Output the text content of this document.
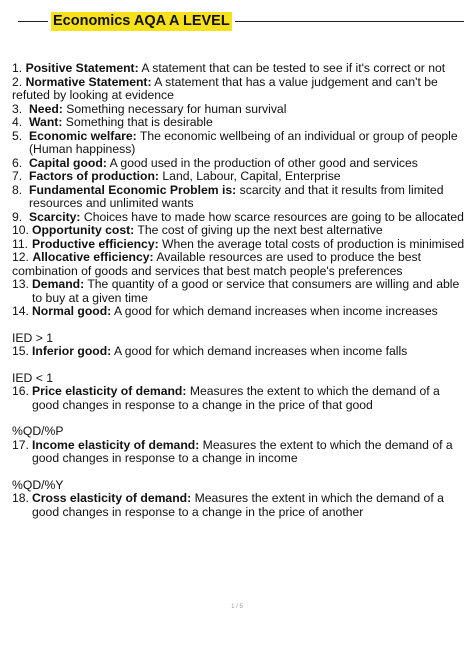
Economics AQA A LEVEL
1. Positive Statement: A statement that can be tested to see if it's correct or not
2. Normative Statement: A statement that has a value judgement and can't be refuted by looking at evidence
3. Need: Something necessary for human survival
4. Want: Something that is desirable
5. Economic welfare: The economic wellbeing of an individual or group of people (Human happiness)
6. Capital good: A good used in the production of other good and services
7. Factors of production: Land, Labour, Capital, Enterprise
8. Fundamental Economic Problem is: scarcity and that it results from limited resources and unlimited wants
9. Scarcity: Choices have to made how scarce resources are going to be allocated
10. Opportunity cost: The cost of giving up the next best alternative
11. Productive efficiency: When the average total costs of production is minimised
12. Allocative efficiency: Available resources are used to produce the best combination of goods and services that best match people's preferences
13. Demand: The quantity of a good or service that consumers are willing and able to buy at a given time
14. Normal good: A good for which demand increases when income increases
IED > 1
15. Inferior good: A good for which demand increases when income falls
IED < 1
16. Price elasticity of demand: Measures the extent to which the demand of a good changes in response to a change in the price of that good
%QD/%P
17. Income elasticity of demand: Measures the extent to which the demand of a good changes in response to a change in income
%QD/%Y
18. Cross elasticity of demand: Measures the extent in which the demand of a good changes in response to a change in the price of another
1 / 5
